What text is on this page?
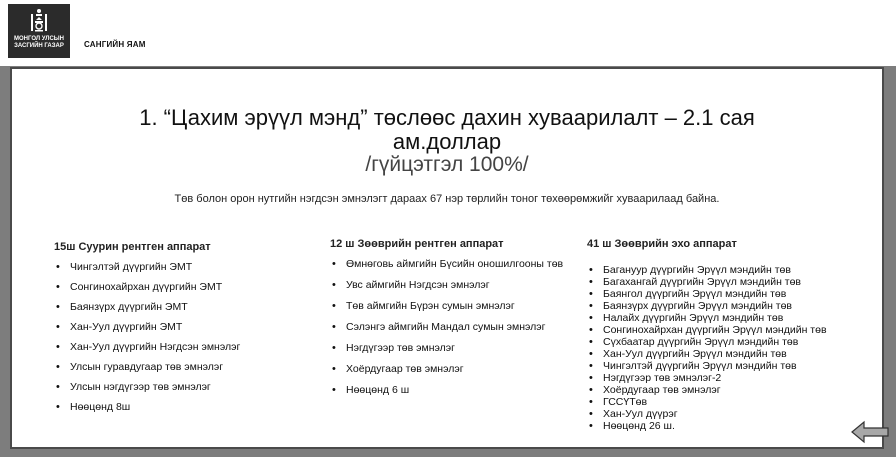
МОНГОЛ УЛСЫН
ЗАСГИЙН ГАЗАР	САНГИЙН ЯАМ
1. “Цахим эрүүл мэнд” төслөөс дахин хуваарилалт – 2.1 сая
ам.доллар
/гүйцэтгэл 100%/
Төв болон орон нутгийн нэгдсэн эмнэлэгт дараах 67 нэр төрлийн тоног төхөөрөмжийг хуваарилаад байна.
15ш Суурин рентген аппарат
• Чингэлтэй дүүргийн ЭМТ
• Сонгинохайрхан дүүргийн ЭМТ
• Баянзүрх дүүргийн ЭМТ
• Хан-Уул дүүргийн ЭМТ
• Хан-Уул дүүргийн Нэгдсэн эмнэлэг
• Улсын гуравдугаар төв эмнэлэг
• Улсын нэгдүгээр төв эмнэлэг
• Нөөцөнд 8ш
12 ш Зөөврийн рентген аппарат
• Өмнөговь аймгийн Бүсийн оношилгооны төв
• Увс аймгийн Нэгдсэн эмнэлэг
• Төв аймгийн Бүрэн сумын эмнэлэг
• Сэлэнгэ аймгийн Мандал сумын эмнэлэг
• Нэгдүгээр төв эмнэлэг
• Хоёрдугаар төв эмнэлэг
• Нөөцөнд 6 ш
41 ш Зөөврийн эхо аппарат
• Багануур дүүргийн Эрүүл мэндийн төв
• Багахангай дүүргийн Эрүүл мэндийн төв
• Баянгол дүүргийн Эрүүл мэндийн төв
• Баянзүрх дүүргийн Эрүүл мэндийн төв
• Налайх дүүргийн Эрүүл мэндийн төв
• Сонгинохайрхан дүүргийн Эрүүл мэндийн төв
• Сүхбаатар дүүргийн Эрүүл мэндийн төв
• Хан-Уул дүүргийн Эрүүл мэндийн төв
• Чингэлтэй дүүргийн Эрүүл мэндийн төв
• Нэгдүгээр төв эмнэлэг-2
• Хоёрдугаар төв эмнэлэг
• ГССҮТөв
• Хан-Уул дүүрэг
• Нөөцөнд 26 ш.
